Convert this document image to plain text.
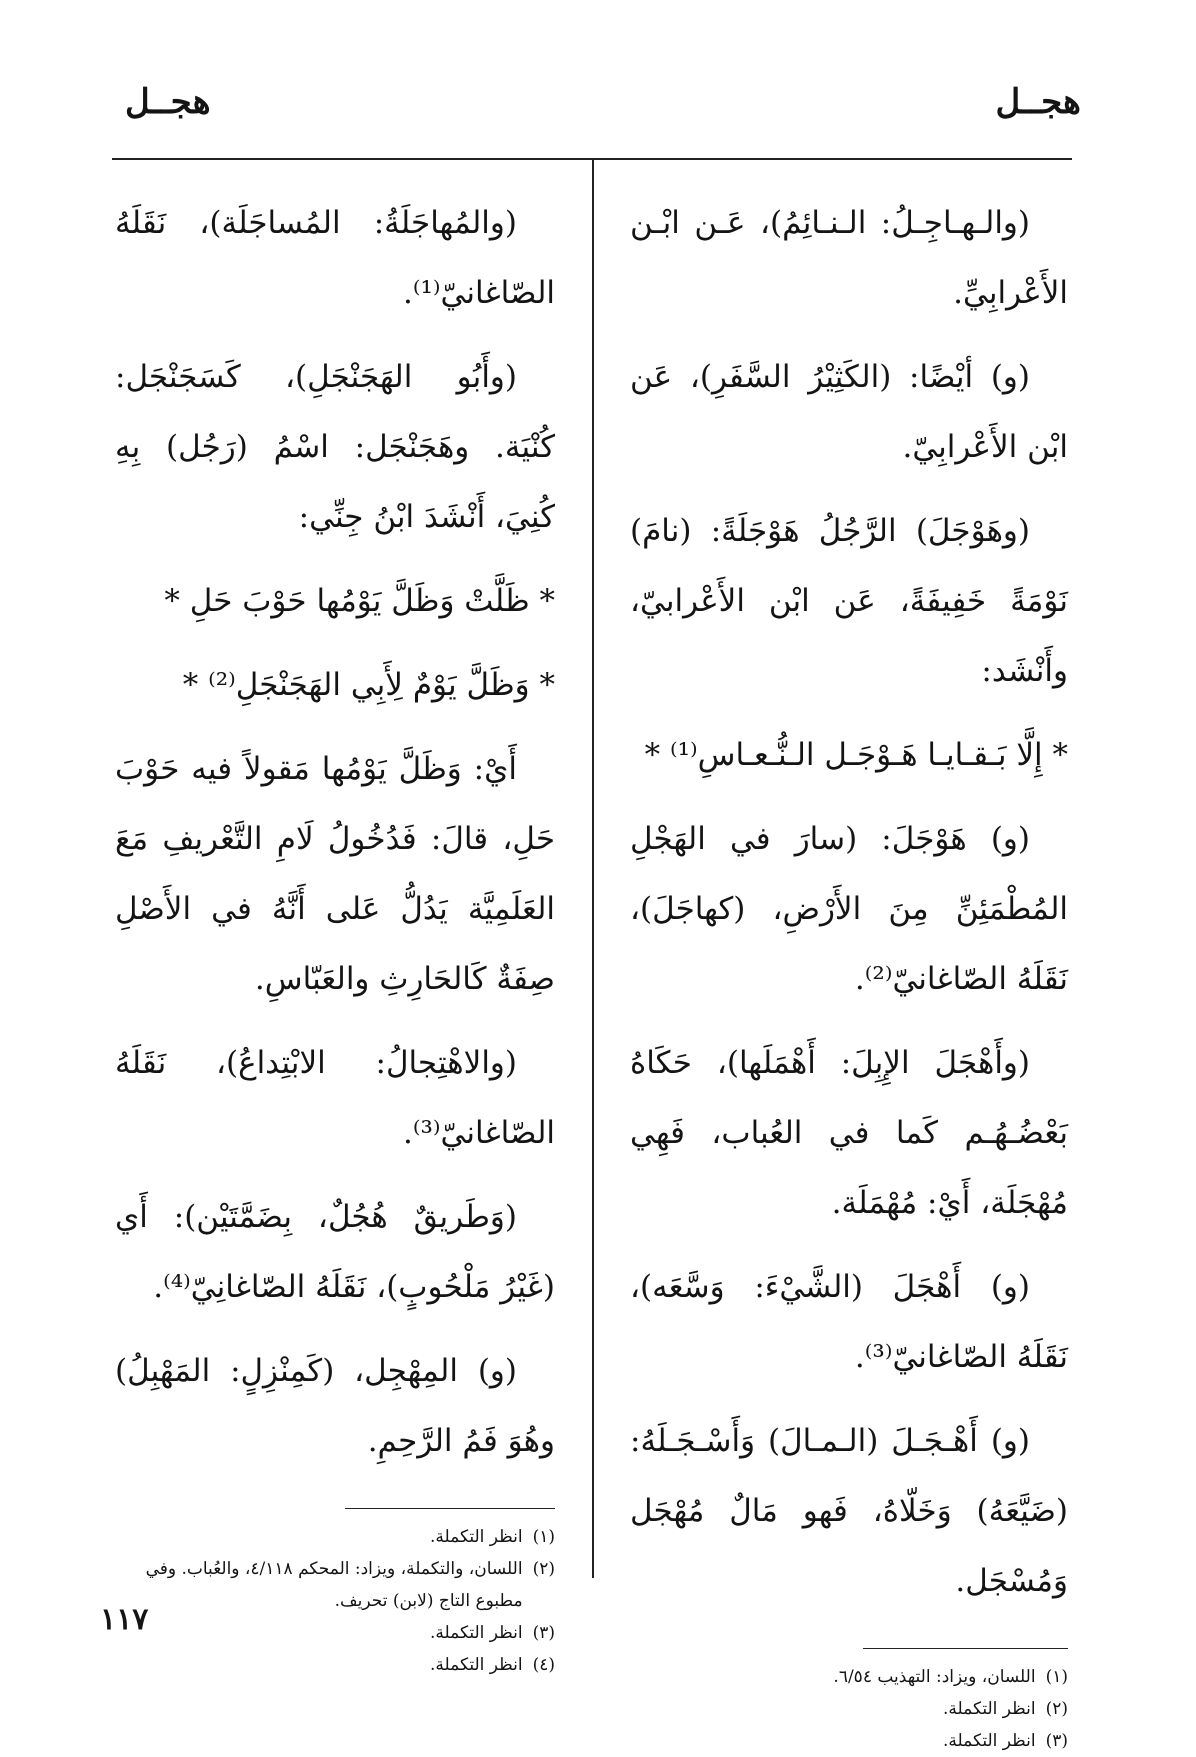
هجــل
هجــل

(والـهـاجِـلُ: الـنـائِمُ)، عَـن ابْـن الأَعْرابِيِّ.

(و) أيْضًا: (الكَثِيْرُ السَّفَرِ)، عَن ابْن الأَعْرابِيّ.

(وهَوْجَلَ) الرَّجُلُ هَوْجَلَةً: (نامَ) نَوْمَةً خَفِيفَةً، عَن ابْن الأَعْرابيّ، وأَنْشَد:

* إِلَّا بَـقـايـا هَـوْجَـل الـنُّـعـاسِ⁽¹⁾ *

(و) هَوْجَلَ: (سارَ في الهَجْلِ المُطْمَئِنِّ مِنَ الأَرْضِ، (كهاجَلَ)، نَقَلَهُ الصّاغانيّ⁽²⁾.

(وأَهْجَلَ الإِبِلَ: أَهْمَلَها)، حَكَاهُ بَعْضُـهُـم كَما في العُباب، فَهِي مُهْجَلَة، أَيْ: مُهْمَلَة.

(و) أَهْجَلَ (الشَّيْءَ: وَسَّعَه)، نَقَلَهُ الصّاغانيّ⁽³⁾.

(و) أَهْـجَـلَ (الـمـالَ) وَأَسْـجَـلَهُ: (ضَيَّعَهُ) وَخَلّاهُ، فَهو مَالٌ مُهْجَل وَمُسْجَل.

(١)
اللسان، ويزاد: التهذيب ٦/٥٤.
(٢)
انظر التكملة.
(٣)
انظر التكملة.

(والمُهاجَلَةُ: المُساجَلَة)، نَقَلَهُ الصّاغانيّ⁽¹⁾.

(وأَبُو الهَجَنْجَلِ)، كَسَجَنْجَل: كُنْيَة. وهَجَنْجَل: اسْمُ (رَجُل) بِهِ كُنِيَ، أَنْشَدَ ابْنُ جِنِّي:

* ظَلَّتْ وَظَلَّ يَوْمُها حَوْبَ حَلِ *

* وَظَلَّ يَوْمٌ لِأَبِي الهَجَنْجَلِ⁽²⁾ *

أَيْ: وَظَلَّ يَوْمُها مَقولاً فيه حَوْبَ حَلِ، قالَ: فَدُخُولُ لَامِ التَّعْريفِ مَعَ العَلَمِيَّة يَدُلُّ عَلى أَنَّهُ في الأَصْلِ صِفَةٌ كَالحَارِثِ والعَبّاسِ.

(والاهْتِجالُ: الابْتِداعُ)، نَقَلَهُ الصّاغانيّ⁽³⁾.

(وَطَريقٌ هُجُلٌ، بِضَمَّتَيْن): أَي (غَيْرُ مَلْحُوبٍ)، نَقَلَهُ الصّاغانِيّ⁽⁴⁾.

(و) المِهْجِل، (كَمِنْزِلٍ: المَهْبِلُ) وهُوَ فَمُ الرَّحِمِ.

(١)
انظر التكملة.
(٢)
اللسان، والتكملة، ويزاد: المحكم ٤/١١٨، والعُباب. وفي مطبوع التاج (لابن) تحريف.
(٣)
انظر التكملة.
(٤)
انظر التكملة.
١١٧
